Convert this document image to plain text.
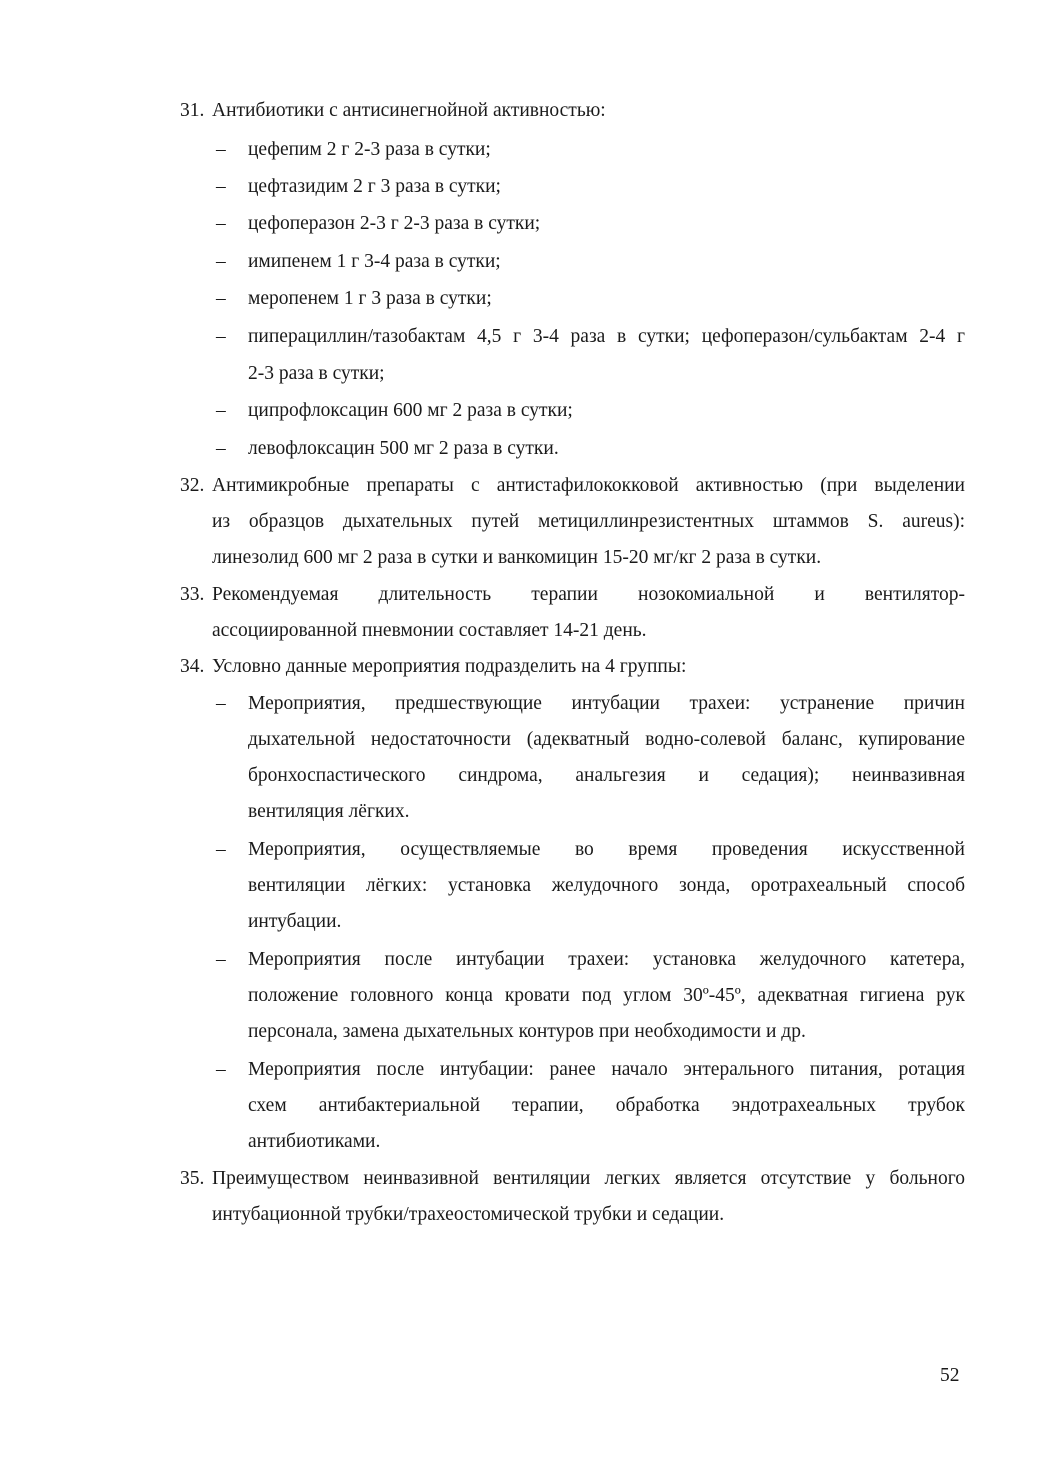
31. Антибиотики с антисинегнойной активностью:
– цефепим 2 г 2-3 раза в сутки;
– цефтазидим 2 г 3 раза в сутки;
– цефоперазон 2-3 г 2-3 раза в сутки;
– имипенем 1 г 3-4 раза в сутки;
– меропенем 1 г 3 раза в сутки;
– пиперациллин/тазобактам 4,5 г 3-4 раза в сутки; цефоперазон/сульбактам 2-4 г
2-3 раза в сутки;
– ципрофлоксацин 600 мг 2 раза в сутки;
– левофлоксацин 500 мг 2 раза в сутки.
32. Антимикробные препараты с антистафилококковой активностью (при выделении
из образцов дыхательных путей метициллинрезистентных штаммов S. aureus):
линезолид 600 мг 2 раза в сутки и ванкомицин 15-20 мг/кг 2 раза в сутки.
33. Рекомендуемая длительность терапии нозокомиальной и вентилятор-
ассоциированной пневмонии составляет 14-21 день.
34. Условно данные мероприятия подразделить на 4 группы:
– Мероприятия, предшествующие интубации трахеи: устранение причин
дыхательной недостаточности (адекватный водно-солевой баланс, купирование
бронхоспастического синдрома, анальгезия и седация); неинвазивная
вентиляция лёгких.
– Мероприятия, осуществляемые во время проведения искусственной
вентиляции лёгких: установка желудочного зонда, оротрахеальный способ
интубации.
– Мероприятия после интубации трахеи: установка желудочного катетера,
положение головного конца кровати под углом 30º-45º, адекватная гигиена рук
персонала, замена дыхательных контуров при необходимости и др.
– Мероприятия после интубации: ранее начало энтерального питания, ротация
схем антибактериальной терапии, обработка эндотрахеальных трубок
антибиотиками.
35. Преимуществом неинвазивной вентиляции легких является отсутствие у больного
интубационной трубки/трахеостомической трубки и седации.
52
